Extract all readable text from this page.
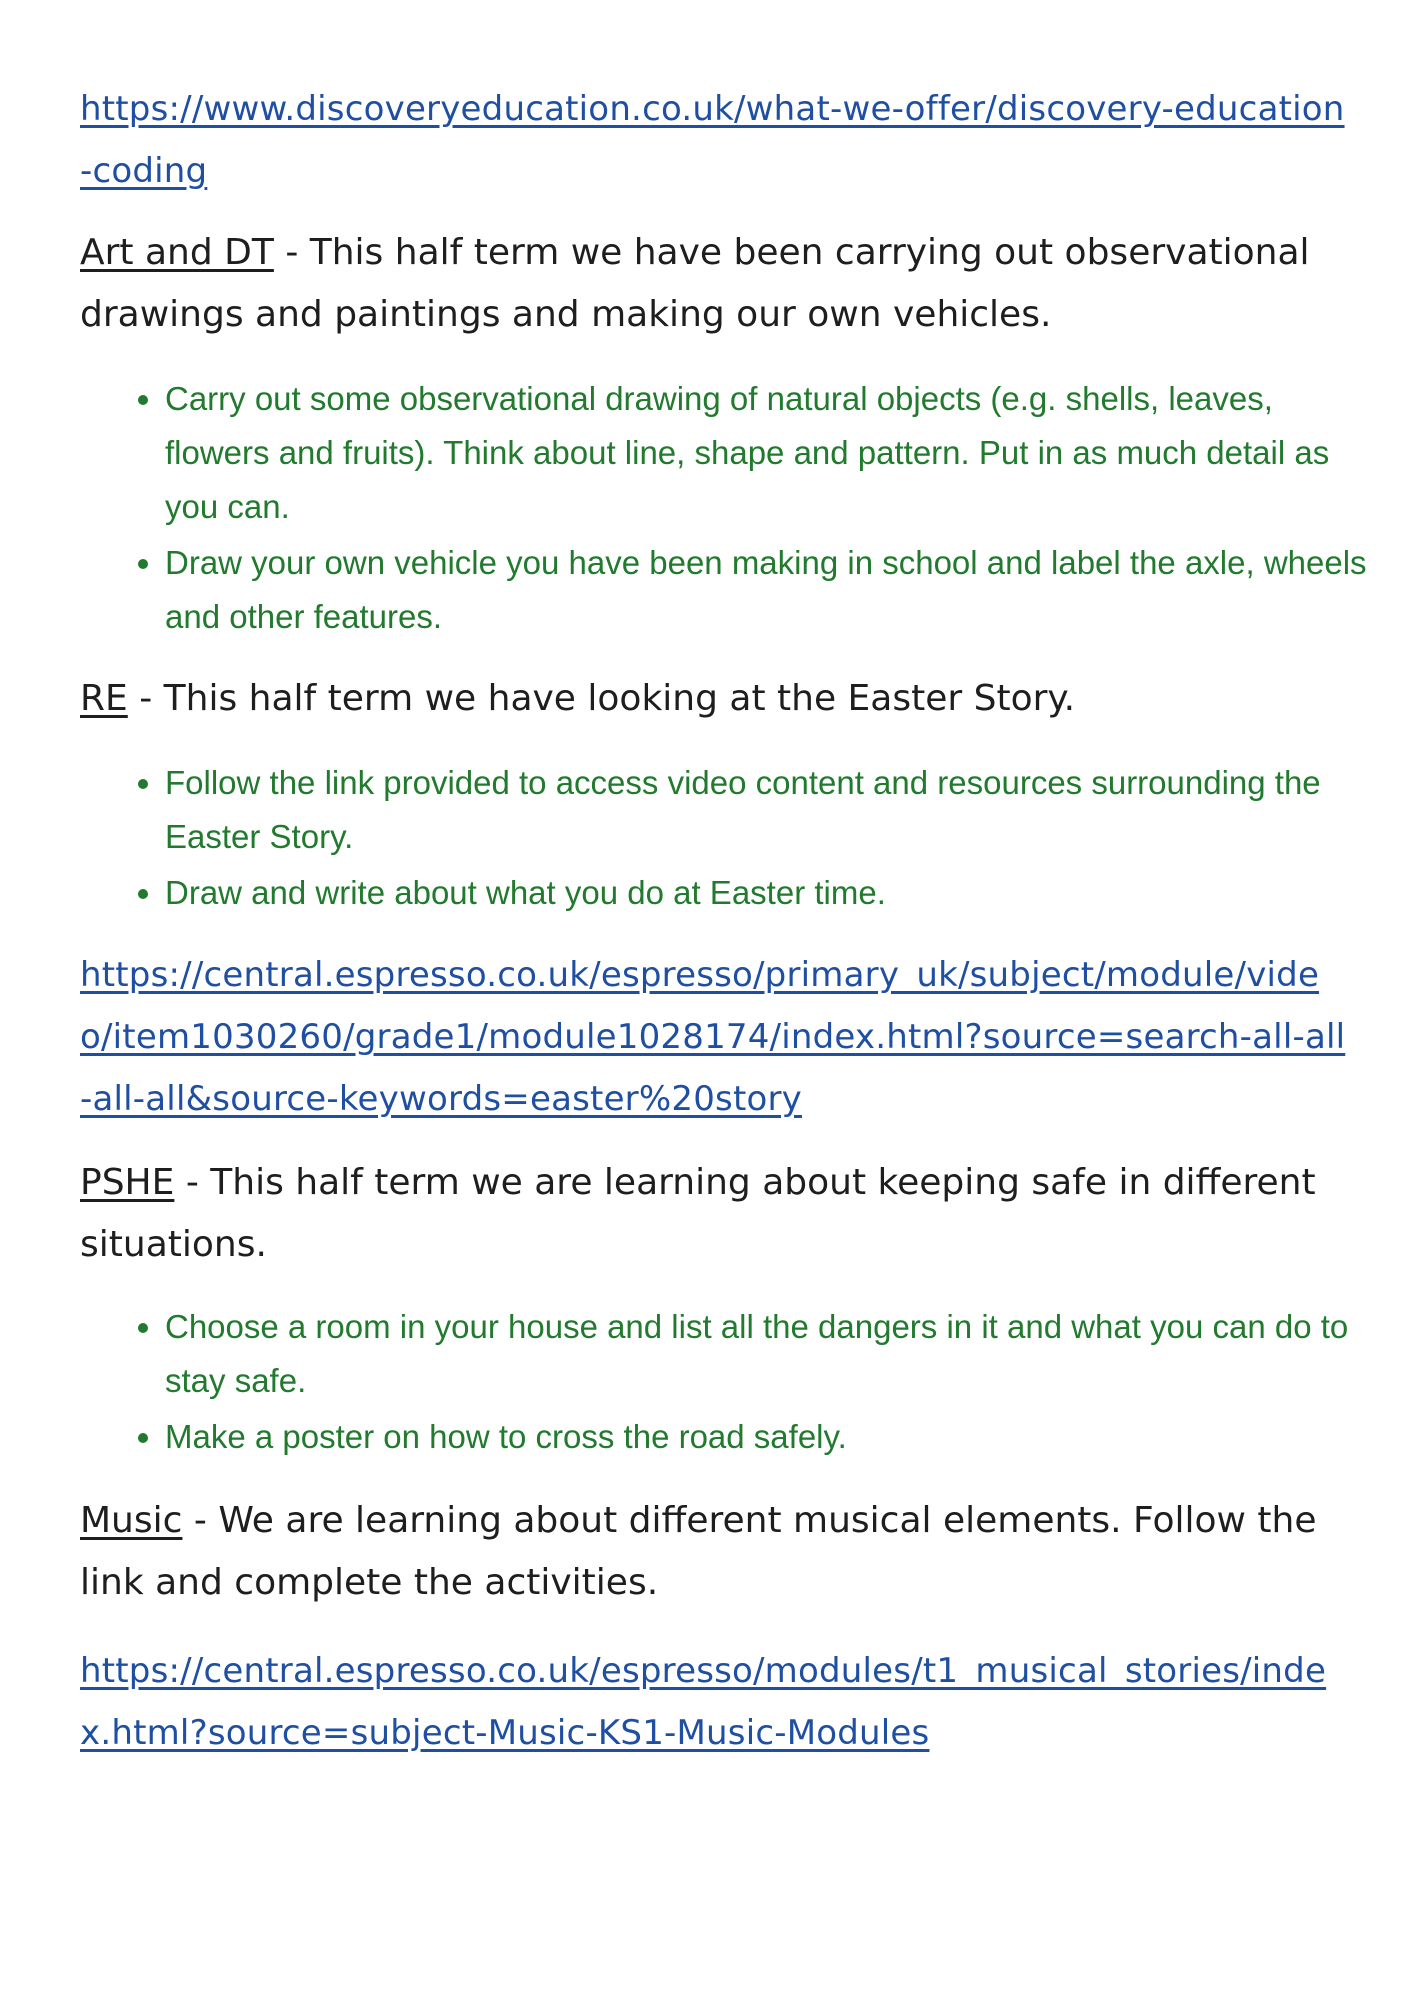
https://www.discoveryeducation.co.uk/what-we-offer/discovery-education-coding

Art and DT - This half term we have been carrying out observational drawings and paintings and making our own vehicles.

• Carry out some observational drawing of natural objects (e.g. shells, leaves, flowers and fruits). Think about line, shape and pattern. Put in as much detail as you can.
• Draw your own vehicle you have been making in school and label the axle, wheels and other features.

RE - This half term we have looking at the Easter Story.

• Follow the link provided to access video content and resources surrounding the Easter Story.
• Draw and write about what you do at Easter time.
https://central.espresso.co.uk/espresso/primary_uk/subject/module/video/item1030260/grade1/module1028174/index.html?source=search-all-all-all-all&source-keywords=easter%20story

PSHE - This half term we are learning about keeping safe in different situations.

• Choose a room in your house and list all the dangers in it and what you can do to stay safe.
• Make a poster on how to cross the road safely.

Music - We are learning about different musical elements. Follow the link and complete the activities.

https://central.espresso.co.uk/espresso/modules/t1_musical_stories/index.html?source=subject-Music-KS1-Music-Modules
